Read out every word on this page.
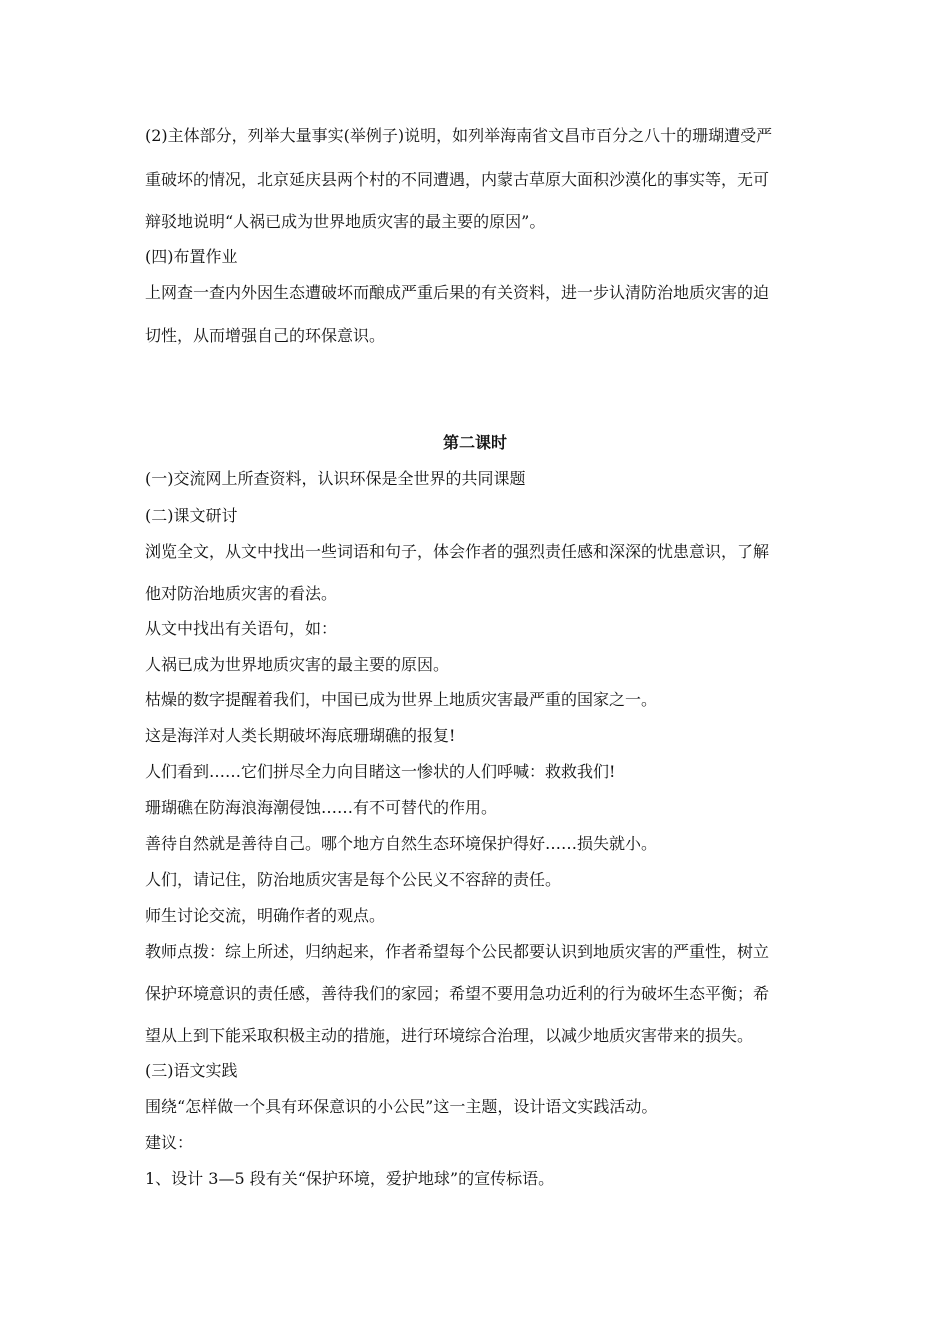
(2)主体部分，列举大量事实(举例子)说明，如列举海南省文昌市百分之八十的珊瑚遭受严
重破坏的情况，北京延庆县两个村的不同遭遇，内蒙古草原大面积沙漠化的事实等，无可
辩驳地说明“人祸已成为世界地质灾害的最主要的原因”。
(四)布置作业
上网查一查内外因生态遭破坏而酿成严重后果的有关资料，进一步认清防治地质灾害的迫
切性，从而增强自己的环保意识。
第二课时
(一)交流网上所查资料，认识环保是全世界的共同课题
(二)课文研讨
浏览全文，从文中找出一些词语和句子，体会作者的强烈责任感和深深的忧患意识，了解
他对防治地质灾害的看法。
从文中找出有关语句，如：
人祸已成为世界地质灾害的最主要的原因。
枯燥的数字提醒着我们，中国已成为世界上地质灾害最严重的国家之一。
这是海洋对人类长期破坏海底珊瑚礁的报复!
人们看到……它们拼尽全力向目睹这一惨状的人们呼喊：救救我们!
珊瑚礁在防海浪海潮侵蚀……有不可替代的作用。
善待自然就是善待自己。哪个地方自然生态环境保护得好……损失就小。
人们，请记住，防治地质灾害是每个公民义不容辞的责任。
师生讨论交流，明确作者的观点。
教师点拨：综上所述，归纳起来，作者希望每个公民都要认识到地质灾害的严重性，树立
保护环境意识的责任感，善待我们的家园；希望不要用急功近利的行为破坏生态平衡；希
望从上到下能采取积极主动的措施，进行环境综合治理，以减少地质灾害带来的损失。
(三)语文实践
围绕“怎样做一个具有环保意识的小公民”这一主题，设计语文实践活动。
建议：
1、设计 3—5 段有关“保护环境，爱护地球”的宣传标语。
